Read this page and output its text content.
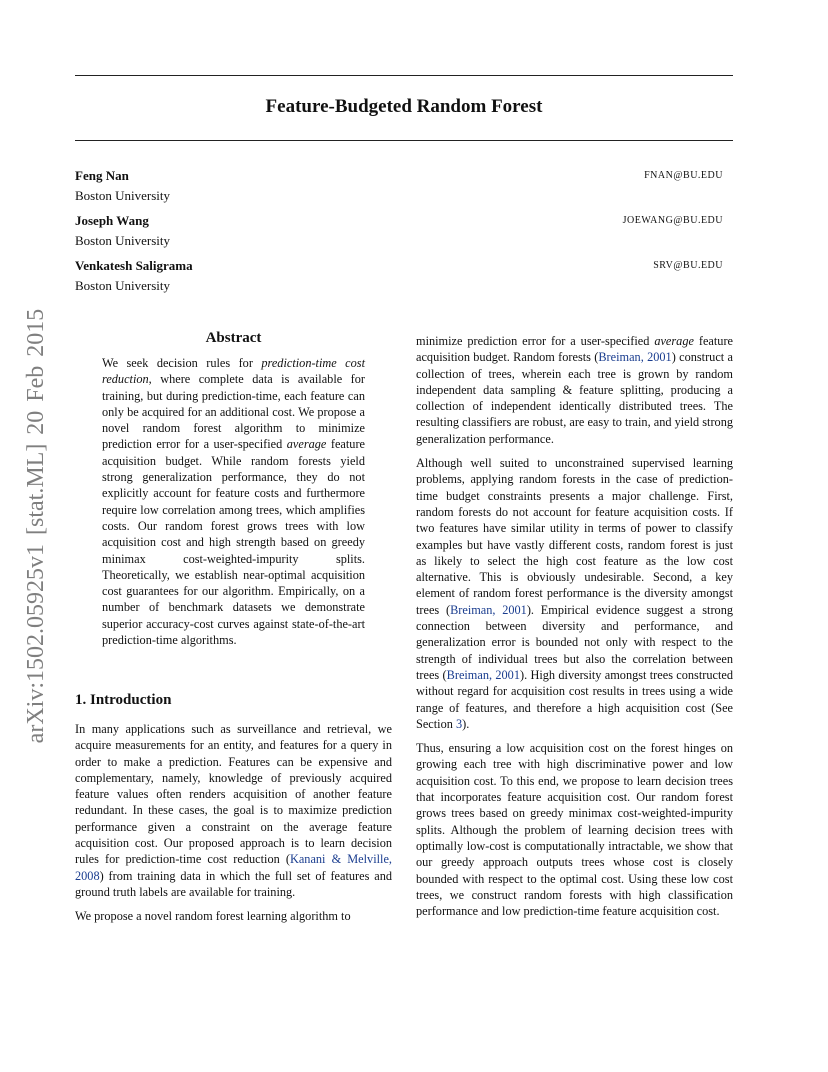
Feature-Budgeted Random Forest
Feng Nan
Boston University
FNAN@BU.EDU
Joseph Wang
Boston University
JOEWANG@BU.EDU
Venkatesh Saligrama
Boston University
SRV@BU.EDU
arXiv:1502.05925v1 [stat.ML] 20 Feb 2015	Abstract

We seek decision rules for prediction-time cost reduction, where complete data is available for training, but during prediction-time, each feature can only be acquired for an additional cost. We propose a novel random forest algorithm to minimize prediction error for a user-specified average feature acquisition budget. While random forests yield strong generalization performance, they do not explicitly account for feature costs and furthermore require low correlation among trees, which amplifies costs. Our random forest grows trees with low acquisition cost and high strength based on greedy minimax cost-weighted-impurity splits. Theoretically, we establish near-optimal acquisition cost guarantees for our algorithm. Empirically, on a number of benchmark datasets we demonstrate superior accuracy-cost curves against state-of-the-art prediction-time algorithms.

1. Introduction

In many applications such as surveillance and retrieval, we acquire measurements for an entity, and features for a query in order to make a prediction. Features can be expensive and complementary, namely, knowledge of previously acquired feature values often renders acquisition of another feature redundant. In these cases, the goal is to maximize prediction performance given a constraint on the average feature acquisition cost. Our proposed approach is to learn decision rules for prediction-time cost reduction (Kanani & Melville, 2008) from training data in which the full set of features and ground truth labels are available for training.

We propose a novel random forest learning algorithm to

minimize prediction error for a user-specified average feature acquisition budget. Random forests (Breiman, 2001) construct a collection of trees, wherein each tree is grown by random independent data sampling & feature splitting, producing a collection of independent identically distributed trees. The resulting classifiers are robust, are easy to train, and yield strong generalization performance.

Although well suited to unconstrained supervised learning problems, applying random forests in the case of prediction-time budget constraints presents a major challenge. First, random forests do not account for feature acquisition costs. If two features have similar utility in terms of power to classify examples but have vastly different costs, random forest is just as likely to select the high cost feature as the low cost alternative. This is obviously undesirable. Second, a key element of random forest performance is the diversity amongst trees (Breiman, 2001). Empirical evidence suggest a strong connection between diversity and performance, and generalization error is bounded not only with respect to the strength of individual trees but also the correlation between trees (Breiman, 2001). High diversity amongst trees constructed without regard for acquisition cost results in trees using a wide range of features, and therefore a high acquisition cost (See Section 3).

Thus, ensuring a low acquisition cost on the forest hinges on growing each tree with high discriminative power and low acquisition cost. To this end, we propose to learn decision trees that incorporates feature acquisition cost. Our random forest grows trees based on greedy minimax cost-weighted-impurity splits. Although the problem of learning decision trees with optimally low-cost is computationally intractable, we show that our greedy approach outputs trees whose cost is closely bounded with respect to the optimal cost. Using these low cost trees, we construct random forests with high classification performance and low prediction-time feature acquisition cost.
